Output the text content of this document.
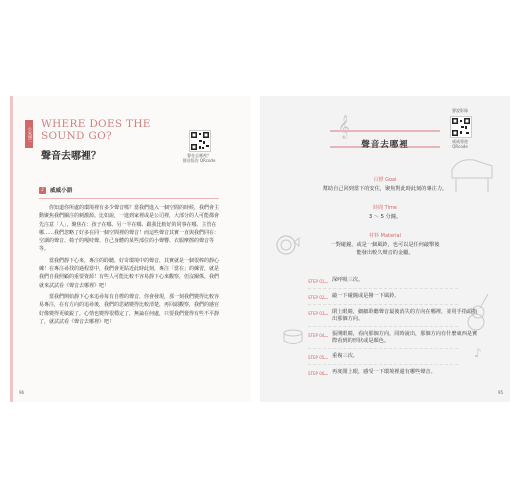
小冥想一
WHERE DOES THE SOUND GO?
聲音去哪裡？	聲音去哪裡？
聲音版的 QRcode
♪	威威小語

你知道你所處的環境裡有多少聲音嗎？當我們進入一個空間的時候，我們會主動聚焦我們關注的刺激源。比如說，一進到家裡或是公司裡，大部分的人可能都會先注意「人」，聚焦在：孩子在哪、另一半在哪、跟我比較好的同事在哪、主管在哪……我們忽略了好多在同一個空間裡的聲音！而這些聲音其實一直與我們同在：空調的聲音、椅子的嘎吱聲、自己身體的某些部位的小聲響、衣服摩擦的聲音等等。

當我們靜下心來，專注的聆聽，好奇環境中的聲音，其實就是一個很棒的靜心練！在專注尋找的過程當中，我們會更貼近此時此刻，專注「當在」的練習，就是我們自我照顧的重要資源！有些人可能比較不容易靜下心來觀察，但沒關係，我們就來試試看《聲音去哪裡》吧！

當我們開始靜下心來追尋每有自標的聲音，你會發現，那一刻我們變得比較容易專注，在有方向的追尋後，我們的思緒變得比較清楚，再回頭觀察，我們的感官好像變得更敏鋭了。心情也變得很穩定了，無論在何處，只要我們覺得有些不平靜了，就試試看《聲音去哪裡》吧！

96
聲說影像
威威導遊
QRcode
𝄞
♪
聲音去哪裡
目標 Goal
幫助自己回到當下的安住，聚焦對此時此刻的專注力。
時間 Time
3 ～ 5 分鐘。
材料 Material
一對碰鐘，或是一個風鈴，也可以是任何敲擊後
能發出較久聲音的金屬。
STEP 01 深呼吸三次。
STEP 02 敲一下碰鐘或是撥一下風鈴。
STEP 03 閉上眼睛，細細聆聽聲音最後消失的方向在哪裡，並用手指頭指出那個方向。
STEP 04 張開眼睛，看向那個方向，同時說出，那個方向有什麼東西是實際看到的形狀或是顏色。
STEP 05 重複三次。
STEP 06 再度閉上眼，感受一下環境裡還有哪些聲音。
95
